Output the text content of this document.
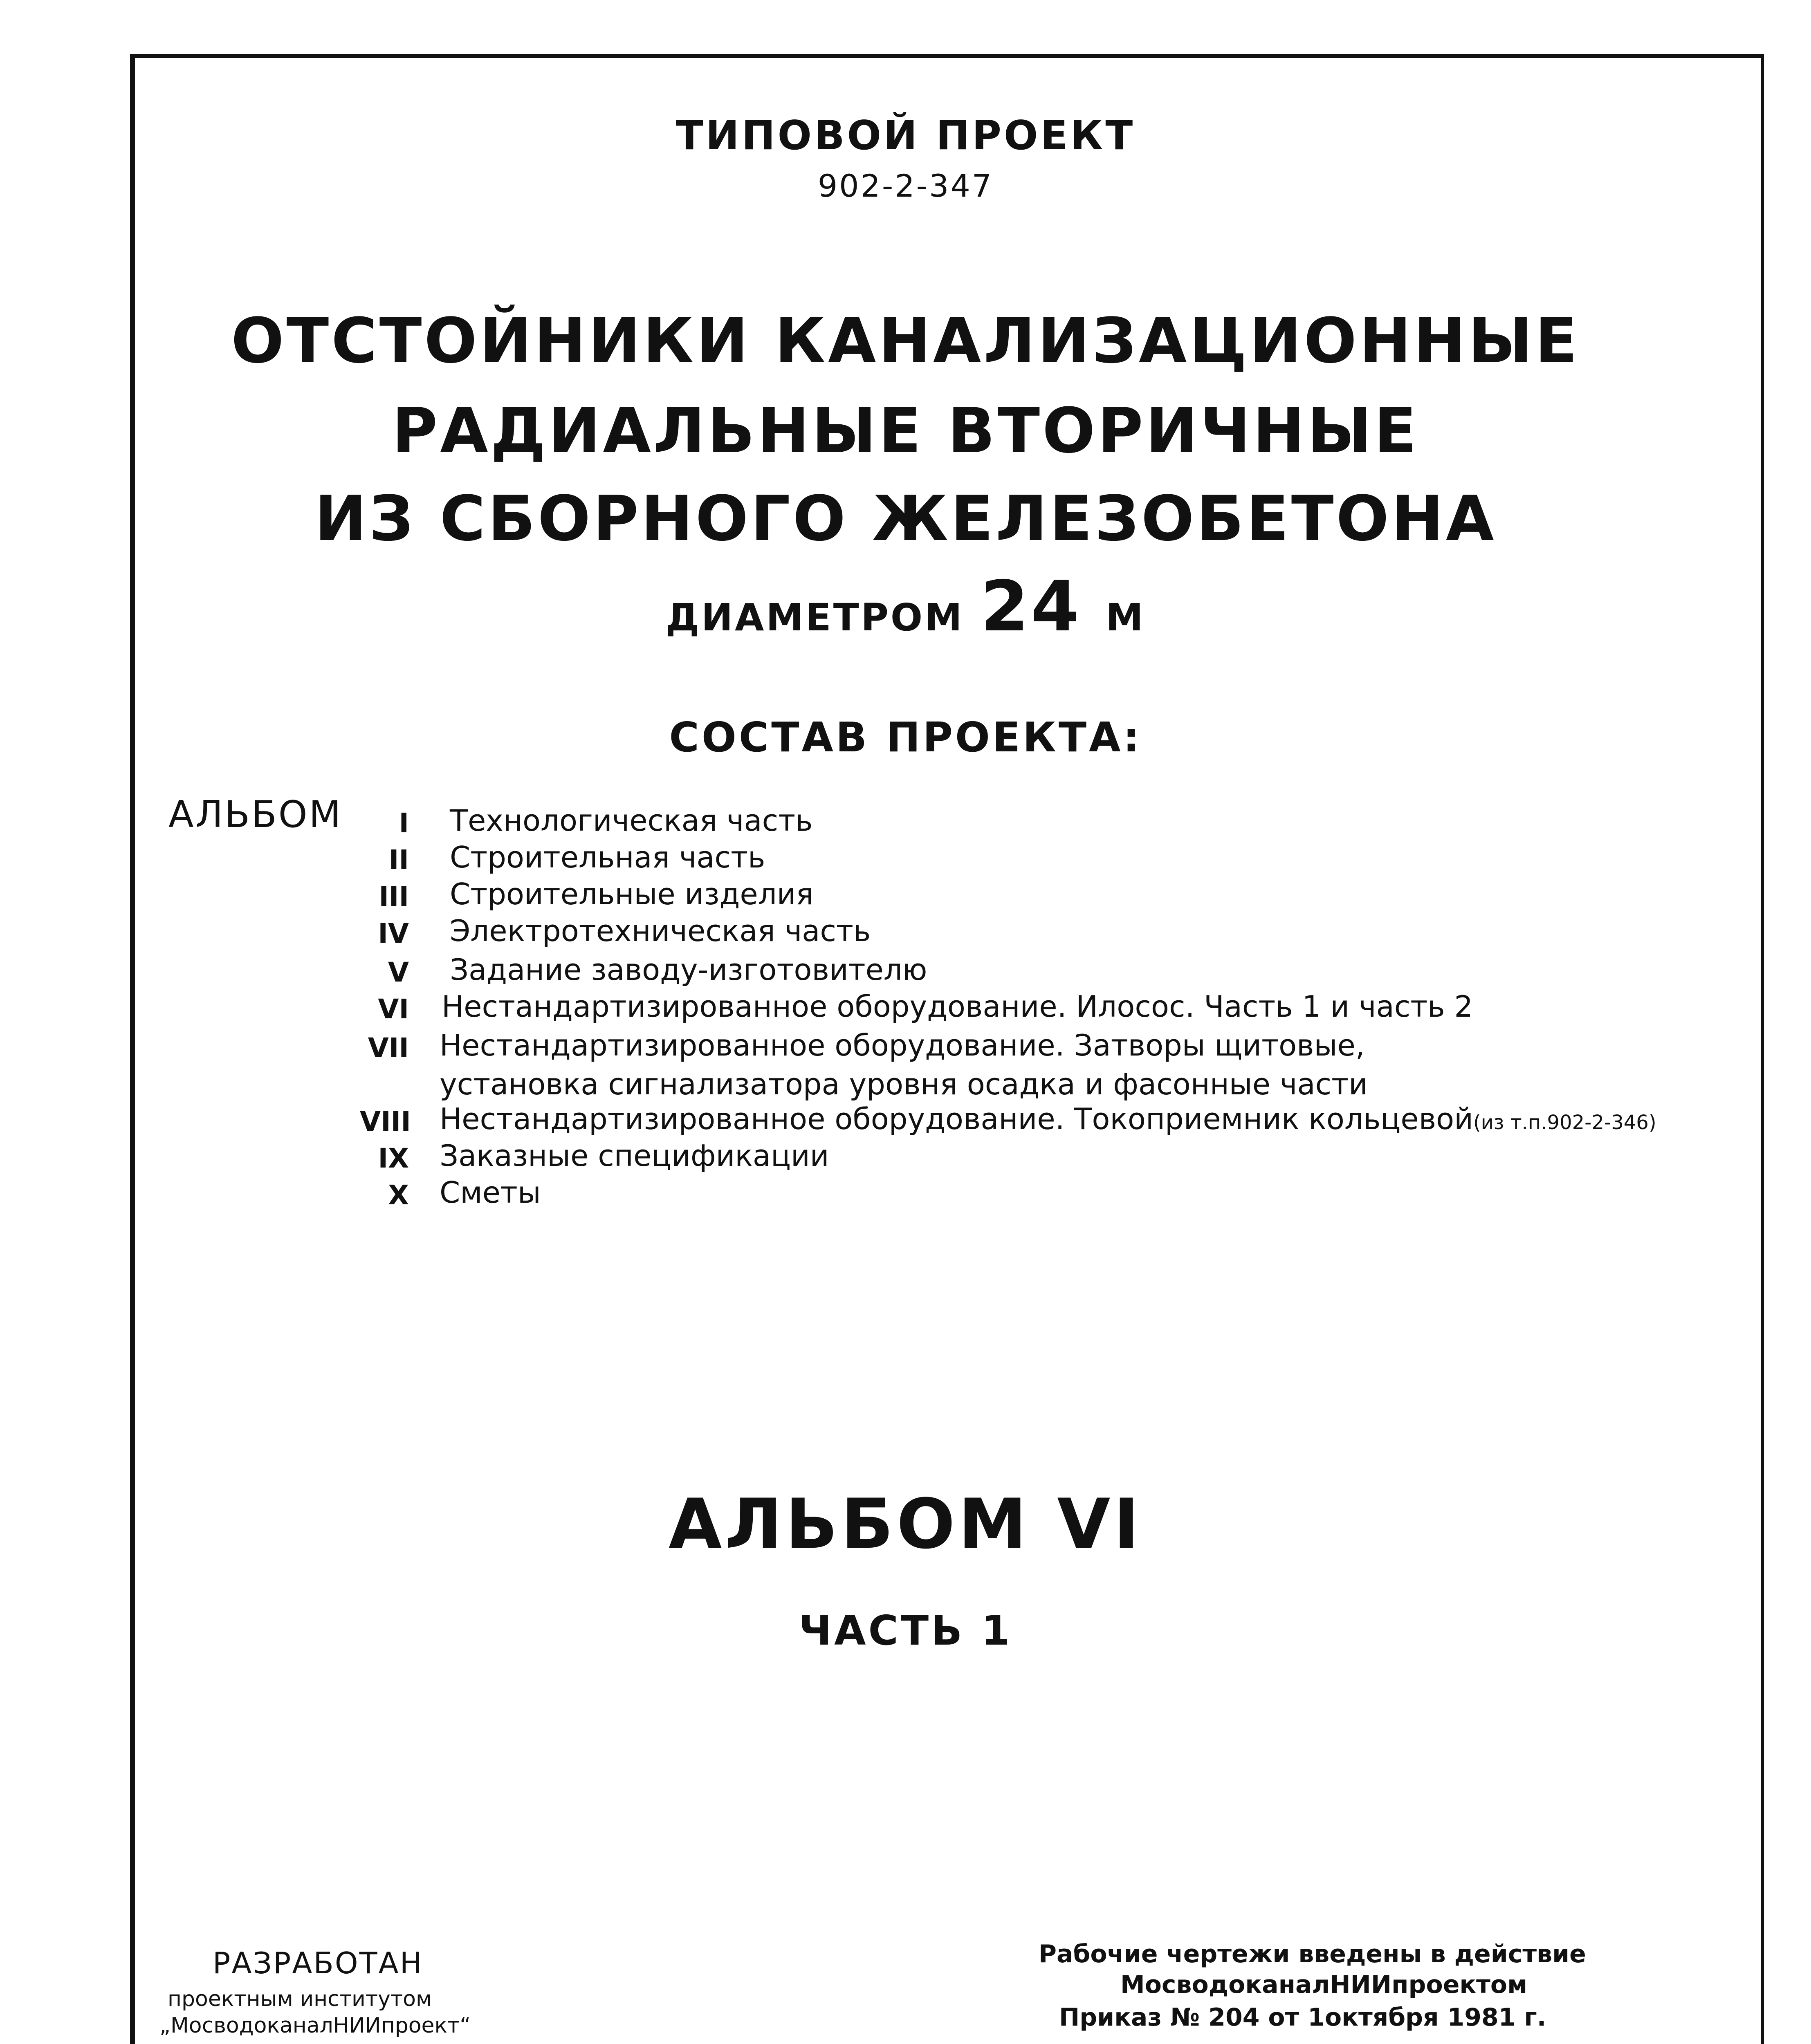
ТИПОВОЙ ПРОЕКТ
902-2-347
ОТСТОЙНИКИ КАНАЛИЗАЦИОННЫЕ
РАДИАЛЬНЫЕ ВТОРИЧНЫЕ
ИЗ СБОРНОГО ЖЕЛЕЗОБЕТОНА
ДИАМЕТРОМ 24 М
СОСТАВ ПРОЕКТА:
АЛЬБОМ	I Технологическая часть
II Строительная часть
III Строительные изделия
IV Электротехническая часть
V Задание заводу-изготовителю
VI Нестандартизированное оборудование. Илосос. Часть 1 и часть 2
VII Нестандартизированное оборудование. Затворы щитовые,
установка сигнализатора уровня осадка и фасонные части
VIII Нестандартизированное оборудование. Токоприемник кольцевой(из т.п.902-2-346)
IX Заказные спецификации
X Сметы
АЛЬБОМ VI
ЧАСТЬ 1
РАЗРАБОТАН
проектным институтом
„МосводоканалНИИпроект“
Рабочие чертежи введены в действие
МосводоканалНИИпроектом
Приказ № 204 от 1октября 1981 г.
